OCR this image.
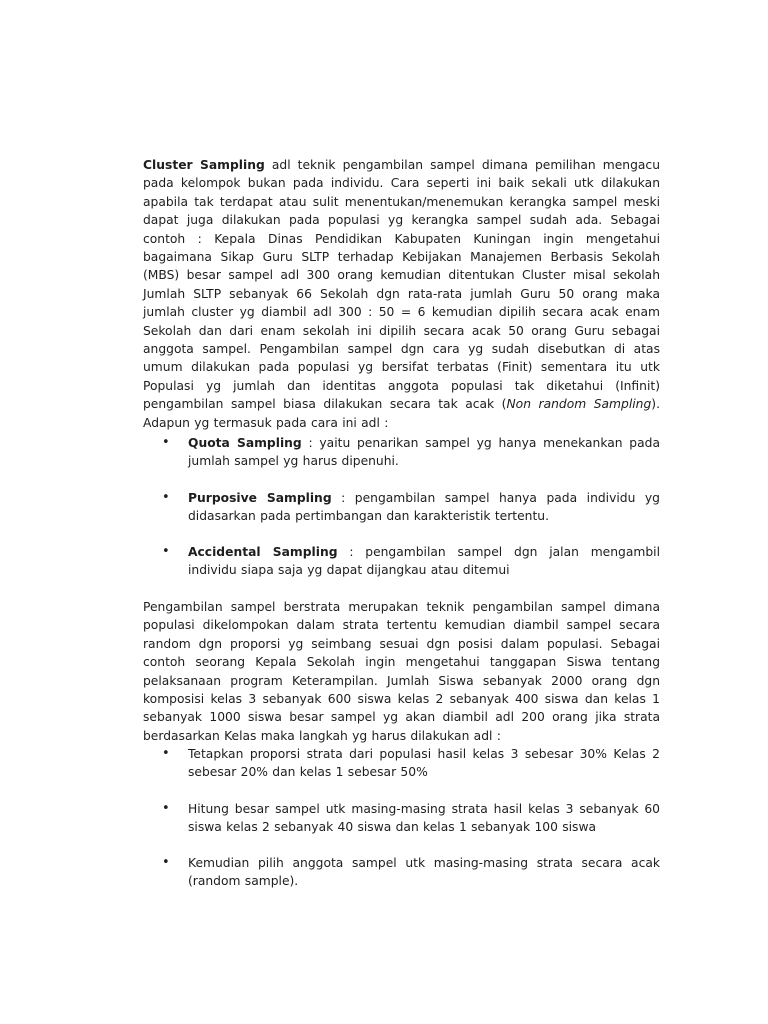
Cluster Sampling adl teknik pengambilan sampel dimana pemilihan mengacu pada kelompok bukan pada individu. Cara seperti ini baik sekali utk dilakukan apabila tak terdapat atau sulit menentukan/menemukan kerangka sampel meski dapat juga dilakukan pada populasi yg kerangka sampel sudah ada. Sebagai contoh : Kepala Dinas Pendidikan Kabupaten Kuningan ingin mengetahui bagaimana Sikap Guru SLTP terhadap Kebijakan Manajemen Berbasis Sekolah (MBS) besar sampel adl 300 orang kemudian ditentukan Cluster misal sekolah Jumlah SLTP sebanyak 66 Sekolah dgn rata-rata jumlah Guru 50 orang maka jumlah cluster yg diambil adl 300 : 50 = 6 kemudian dipilih secara acak enam Sekolah dan dari enam sekolah ini dipilih secara acak 50 orang Guru sebagai anggota sampel. Pengambilan sampel dgn cara yg sudah disebutkan di atas umum dilakukan pada populasi yg bersifat terbatas (Finit) sementara itu utk Populasi yg jumlah dan identitas anggota populasi tak diketahui (Infinit) pengambilan sampel biasa dilakukan secara tak acak (Non random Sampling). Adapun yg termasuk pada cara ini adl :
• Quota Sampling : yaitu penarikan sampel yg hanya menekankan pada jumlah sampel yg harus dipenuhi.
• Purposive Sampling : pengambilan sampel hanya pada individu yg didasarkan pada pertimbangan dan karakteristik tertentu.
• Accidental Sampling : pengambilan sampel dgn jalan mengambil individu siapa saja yg dapat dijangkau atau ditemui
Pengambilan sampel berstrata merupakan teknik pengambilan sampel dimana populasi dikelompokan dalam strata tertentu kemudian diambil sampel secara random dgn proporsi yg seimbang sesuai dgn posisi dalam populasi. Sebagai contoh seorang Kepala Sekolah ingin mengetahui tanggapan Siswa tentang pelaksanaan program Keterampilan. Jumlah Siswa sebanyak 2000 orang dgn komposisi kelas 3 sebanyak 600 siswa kelas 2 sebanyak 400 siswa dan kelas 1 sebanyak 1000 siswa besar sampel yg akan diambil adl 200 orang jika strata berdasarkan Kelas maka langkah yg harus dilakukan adl :
• Tetapkan proporsi strata dari populasi hasil kelas 3 sebesar 30% Kelas 2 sebesar 20% dan kelas 1 sebesar 50%
• Hitung besar sampel utk masing-masing strata hasil kelas 3 sebanyak 60 siswa kelas 2 sebanyak 40 siswa dan kelas 1 sebanyak 100 siswa
• Kemudian pilih anggota sampel utk masing-masing strata secara acak (random sample).
